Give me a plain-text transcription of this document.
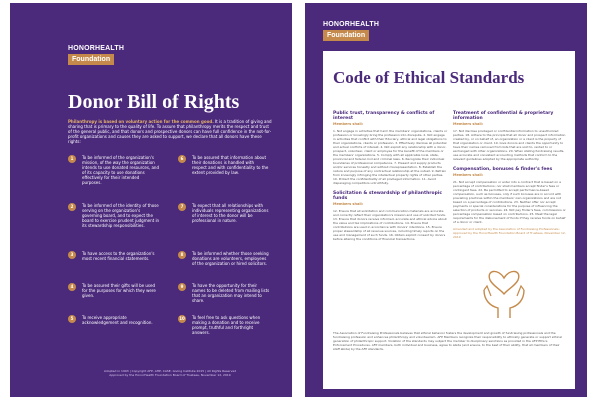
HONORHEALTH
Foundation
Donor Bill of Rights
Philanthropy is based on voluntary action for the common good. It is a tradition of giving and sharing that is primary to the quality of life. To assure that philanthropy merits the respect and trust of the general public, and that donors and prospective donors can have full confidence in the not-for-profit organizations and causes they are asked to support, we declare that all donors have these rights:
1	To be informed of the organization's mission, of the way the organization intends to use donated resources, and of its capacity to use donations effectively for their intended purposes.
2	To be informed of the identity of those serving on the organization's governing board, and to expect the board to exercise prudent judgment in its stewardship responsibilities.
3	To have access to the organization's most recent financial statements.
4	To be assured their gifts will be used for the purposes for which they were given.
5	To receive appropriate acknowledgement and recognition.
6	To be assured that information about their donations is handled with respect and with confidentiality to the extent provided by law.
7	To expect that all relationships with individuals representing organizations of interest to the donor will be professional in nature.
8	To be informed whether those seeking donations are volunteers, employees of the organization or hired solicitors.
9	To have the opportunity for their names to be deleted from mailing lists that an organization may intend to share.
10	To feel free to ask questions when making a donation and to receive prompt, truthful and forthright answers.
Adopted in 1993 | Copyright AFP, AHP, CASE, Giving Institute 2015 | All Rights Reserved
Approved by the HonorHealth Foundation Board of Trustees, November 12, 2019
HONORHEALTH
Foundation
Code of Ethical Standards
Public trust, transparency & conflicts of interest
Members shall:
1. Not engage in activities that harm the members' organizations, clients or profession or knowingly bring the profession into disrepute. 2. Not engage in activities that conflict with their fiduciary, ethical and legal obligations to their organizations, clients or profession. 3. Effectively disclose all potential and actual conflicts of interest. 4. Not exploit any relationship with a donor, prospect, volunteer, client or employee for the benefit of the members or the members' organizations. 5. Comply with all applicable local, state, provincial and federal civil and criminal laws. 6. Recognize their individual boundaries of professional competence. 7. Present and supply products and/or services honestly and without misrepresentation. 8. Establish the nature and purpose of any contractual relationship at the outset. 9. Refrain from knowingly infringing the intellectual property rights of other parties. 10. Protect the confidentiality of all privileged information. 11. Avoid disparaging competitors untruthfully.
Solicitation & stewardship of philanthropic funds
Members shall:
12. Ensure that all solicitation and communication materials are accurate and correctly reflect their organization's mission and use of solicited funds. 13. Ensure that donors receive informed, accurate and ethical advice about the value and tax implications of contributions. 14. Ensure that contributions are used in accordance with donors' intentions. 15. Ensure proper stewardship of all revenue sources, including timely reports on the use and management of such funds. 16. Obtain explicit consent by donors before altering the conditions of financial transactions.
Treatment of confidential & proprietary information
Members shall:
17. Not disclose privileged or confidential information to unauthorized parties. 18. Adhere to the principle that all donor and prospect information created by, or on behalf of, an organization or a client is the property of that organization or client. 19. Give donors and clients the opportunity to have their names removed from lists that are sold to, rented to or exchanged with other organizations. 20. When stating fundraising results, use accurate and consistent accounting methods that conform to the relevant guidelines adopted by the appropriate authority.
Compensation, bonuses & finder's fees
Members shall:
21. Not accept compensation or enter into a contract that is based on a percentage of contributions; nor shall members accept finder's fees or contingent fees. 22. Be permitted to accept performance-based compensation, such as bonuses, only if such bonuses are in accord with prevailing practices within the members' own organizations and are not based on a percentage of contributions. 23. Neither offer nor accept payments or special considerations for the purpose of influencing the selection of products or services. 24. Not pay finder's fees, commissions or percentage compensation based on contributions. 25. Meet the legal requirements for the disbursement of funds if they receive funds on behalf of a donor or client.
Amended and adopted by the Association of Fundraising Professionals; Approved by the HonorHealth Foundation Board of Trustees, November 12, 2019
The Association of Fundraising Professionals believes that ethical behavior fosters the development and growth of fundraising professionals and the fundraising profession and enhances philanthropy and volunteerism. AFP Members recognize their responsibility to ethically generate or support ethical generation of philanthropic support. Violation of the standards may subject the member to disciplinary sanctions as provided in the AFP Ethics Enforcement Procedures. AFP members, both individual and business, agree to abide (and ensure, to the best of their ability, that all members of their staff abide) by the AFP standards.
